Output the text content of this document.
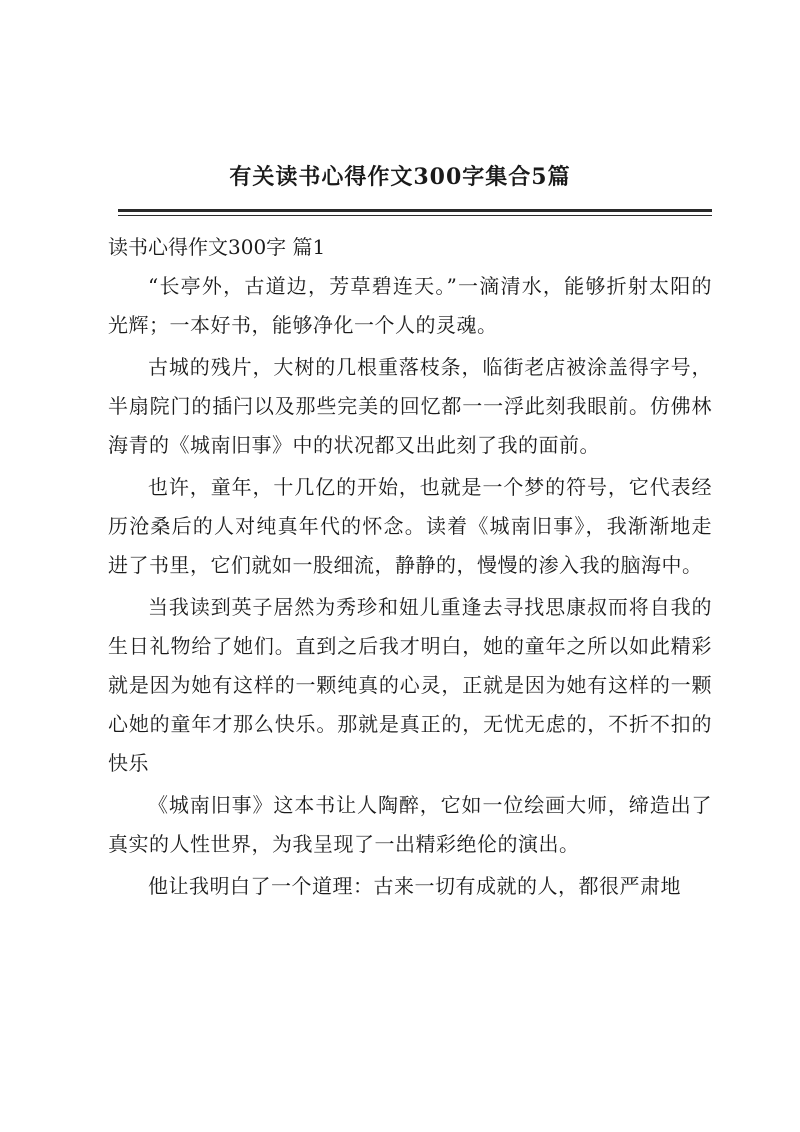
有关读书心得作文300字集合5篇

读书心得作文300字 篇1

“长亭外，古道边，芳草碧连天。”一滴清水，能够折射太阳的光辉；一本好书，能够净化一个人的灵魂。

古城的残片，大树的几根重落枝条，临街老店被涂盖得字号，半扇院门的插闩以及那些完美的回忆都一一浮此刻我眼前。仿佛林海青的《城南旧事》中的状况都又出此刻了我的面前。

也许，童年，十几亿的开始，也就是一个梦的符号，它代表经历沧桑后的人对纯真年代的怀念。读着《城南旧事》，我渐渐地走进了书里，它们就如一股细流，静静的，慢慢的渗入我的脑海中。

当我读到英子居然为秀珍和妞儿重逢去寻找思康叔而将自我的生日礼物给了她们。直到之后我才明白，她的童年之所以如此精彩就是因为她有这样的一颗纯真的心灵，正就是因为她有这样的一颗心她的童年才那么快乐。那就是真正的，无忧无虑的，不折不扣的快乐

《城南旧事》这本书让人陶醉，它如一位绘画大师，缔造出了真实的人性世界，为我呈现了一出精彩绝伦的演出。

他让我明白了一个道理：古来一切有成就的人，都很严肃地
